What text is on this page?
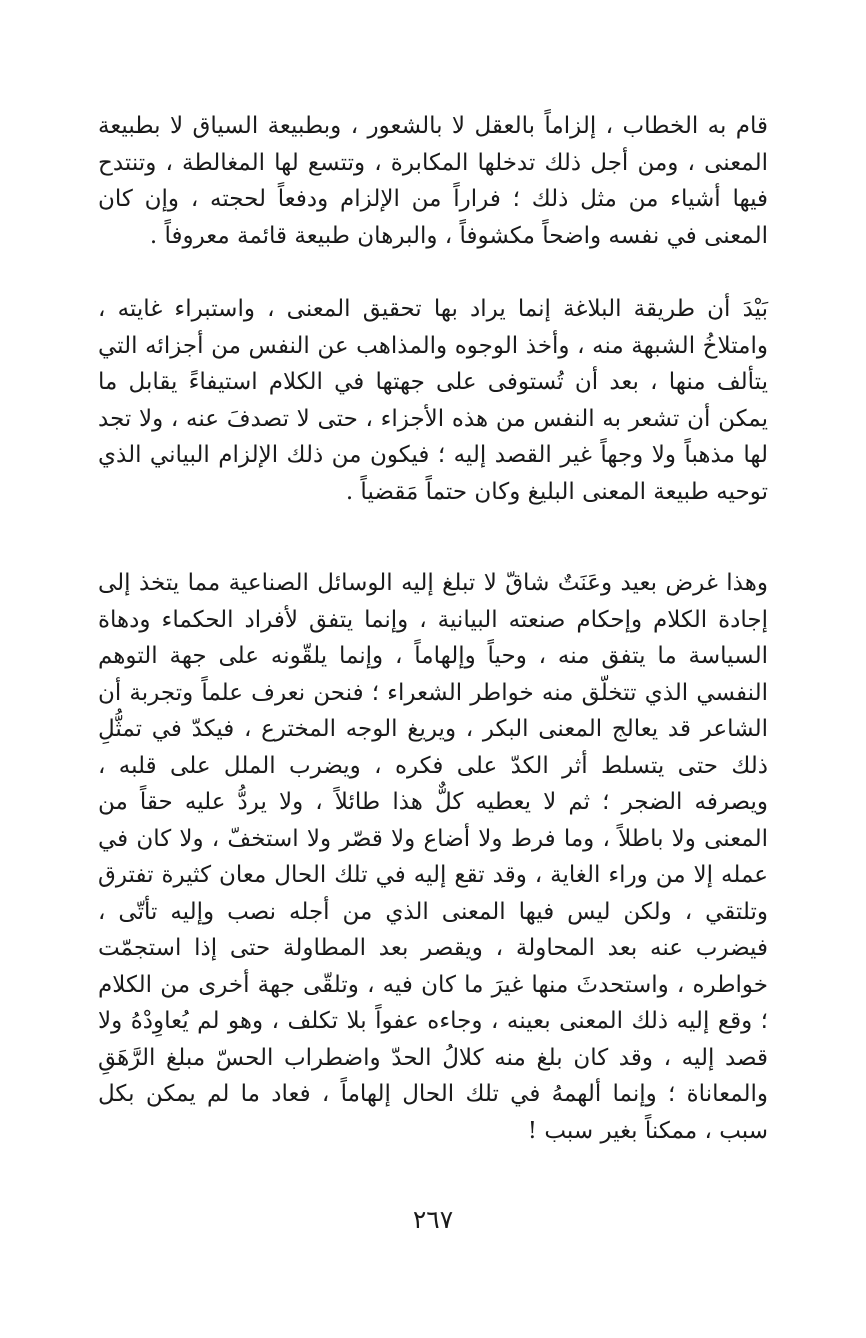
قام به الخطاب ، إلزاماً بالعقل لا بالشعور ، وبطبيعة السياق لا بطبيعة المعنى ، ومن أجل ذلك تدخلها المكابرة ، وتتسع لها المغالطة ، وتنتدح فيها أشياء من مثل ذلك ؛ فراراً من الإلزام ودفعاً لحجته ، وإن كان المعنى في نفسه واضحاً مكشوفاً ، والبرهان طبيعة قائمة معروفاً .

بَيْدَ أن طريقة البلاغة إنما يراد بها تحقيق المعنى ، واستبراء غايته ، وامتلاخُ الشبهة منه ، وأخذ الوجوه والمذاهب عن النفس من أجزائه التي يتألف منها ، بعد أن تُستوفى على جهتها في الكلام استيفاءً يقابل ما يمكن أن تشعر به النفس من هذه الأجزاء ، حتى لا تصدفَ عنه ، ولا تجد لها مذهباً ولا وجهاً غير القصد إليه ؛ فيكون من ذلك الإلزام البياني الذي توحيه طبيعة المعنى البليغ وكان حتماً مَقضياً .

وهذا غرض بعيد وعَنَتٌ شاقّ لا تبلغ إليه الوسائل الصناعية مما يتخذ إلى إجادة الكلام وإحكام صنعته البيانية ، وإنما يتفق لأفراد الحكماء ودهاة السياسة ما يتفق منه ، وحياً وإلهاماً ، وإنما يلقّونه على جهة التوهم النفسي الذي تتخلّق منه خواطر الشعراء ؛ فنحن نعرف علماً وتجربة أن الشاعر قد يعالج المعنى البكر ، ويريغ الوجه المخترع ، فيكدّ في تمثُّلِ ذلك حتى يتسلط أثر الكدّ على فكره ، ويضرب الملل على قلبه ، ويصرفه الضجر ؛ ثم لا يعطيه كلٌّ هذا طائلاً ، ولا يردُّ عليه حقاً من المعنى ولا باطلاً ، وما فرط ولا أضاع ولا قصّر ولا استخفّ ، ولا كان في عمله إلا من وراء الغاية ، وقد تقع إليه في تلك الحال معان كثيرة تفترق وتلتقي ، ولكن ليس فيها المعنى الذي من أجله نصب وإليه تأتّى ، فيضرب عنه بعد المحاولة ، ويقصر بعد المطاولة حتى إذا استجمّت خواطره ، واستحدثَ منها غيرَ ما كان فيه ، وتلقّى جهة أخرى من الكلام ؛ وقع إليه ذلك المعنى بعينه ، وجاءه عفواً بلا تكلف ، وهو لم يُعاوِدْهُ ولا قصد إليه ، وقد كان بلغ منه كلالُ الحدّ واضطراب الحسّ مبلغ الرَّهَقِ والمعاناة ؛ وإنما ألهمهُ في تلك الحال إلهاماً ، فعاد ما لم يمكن بكل سبب ، ممكناً بغير سبب !

٢٦٧
